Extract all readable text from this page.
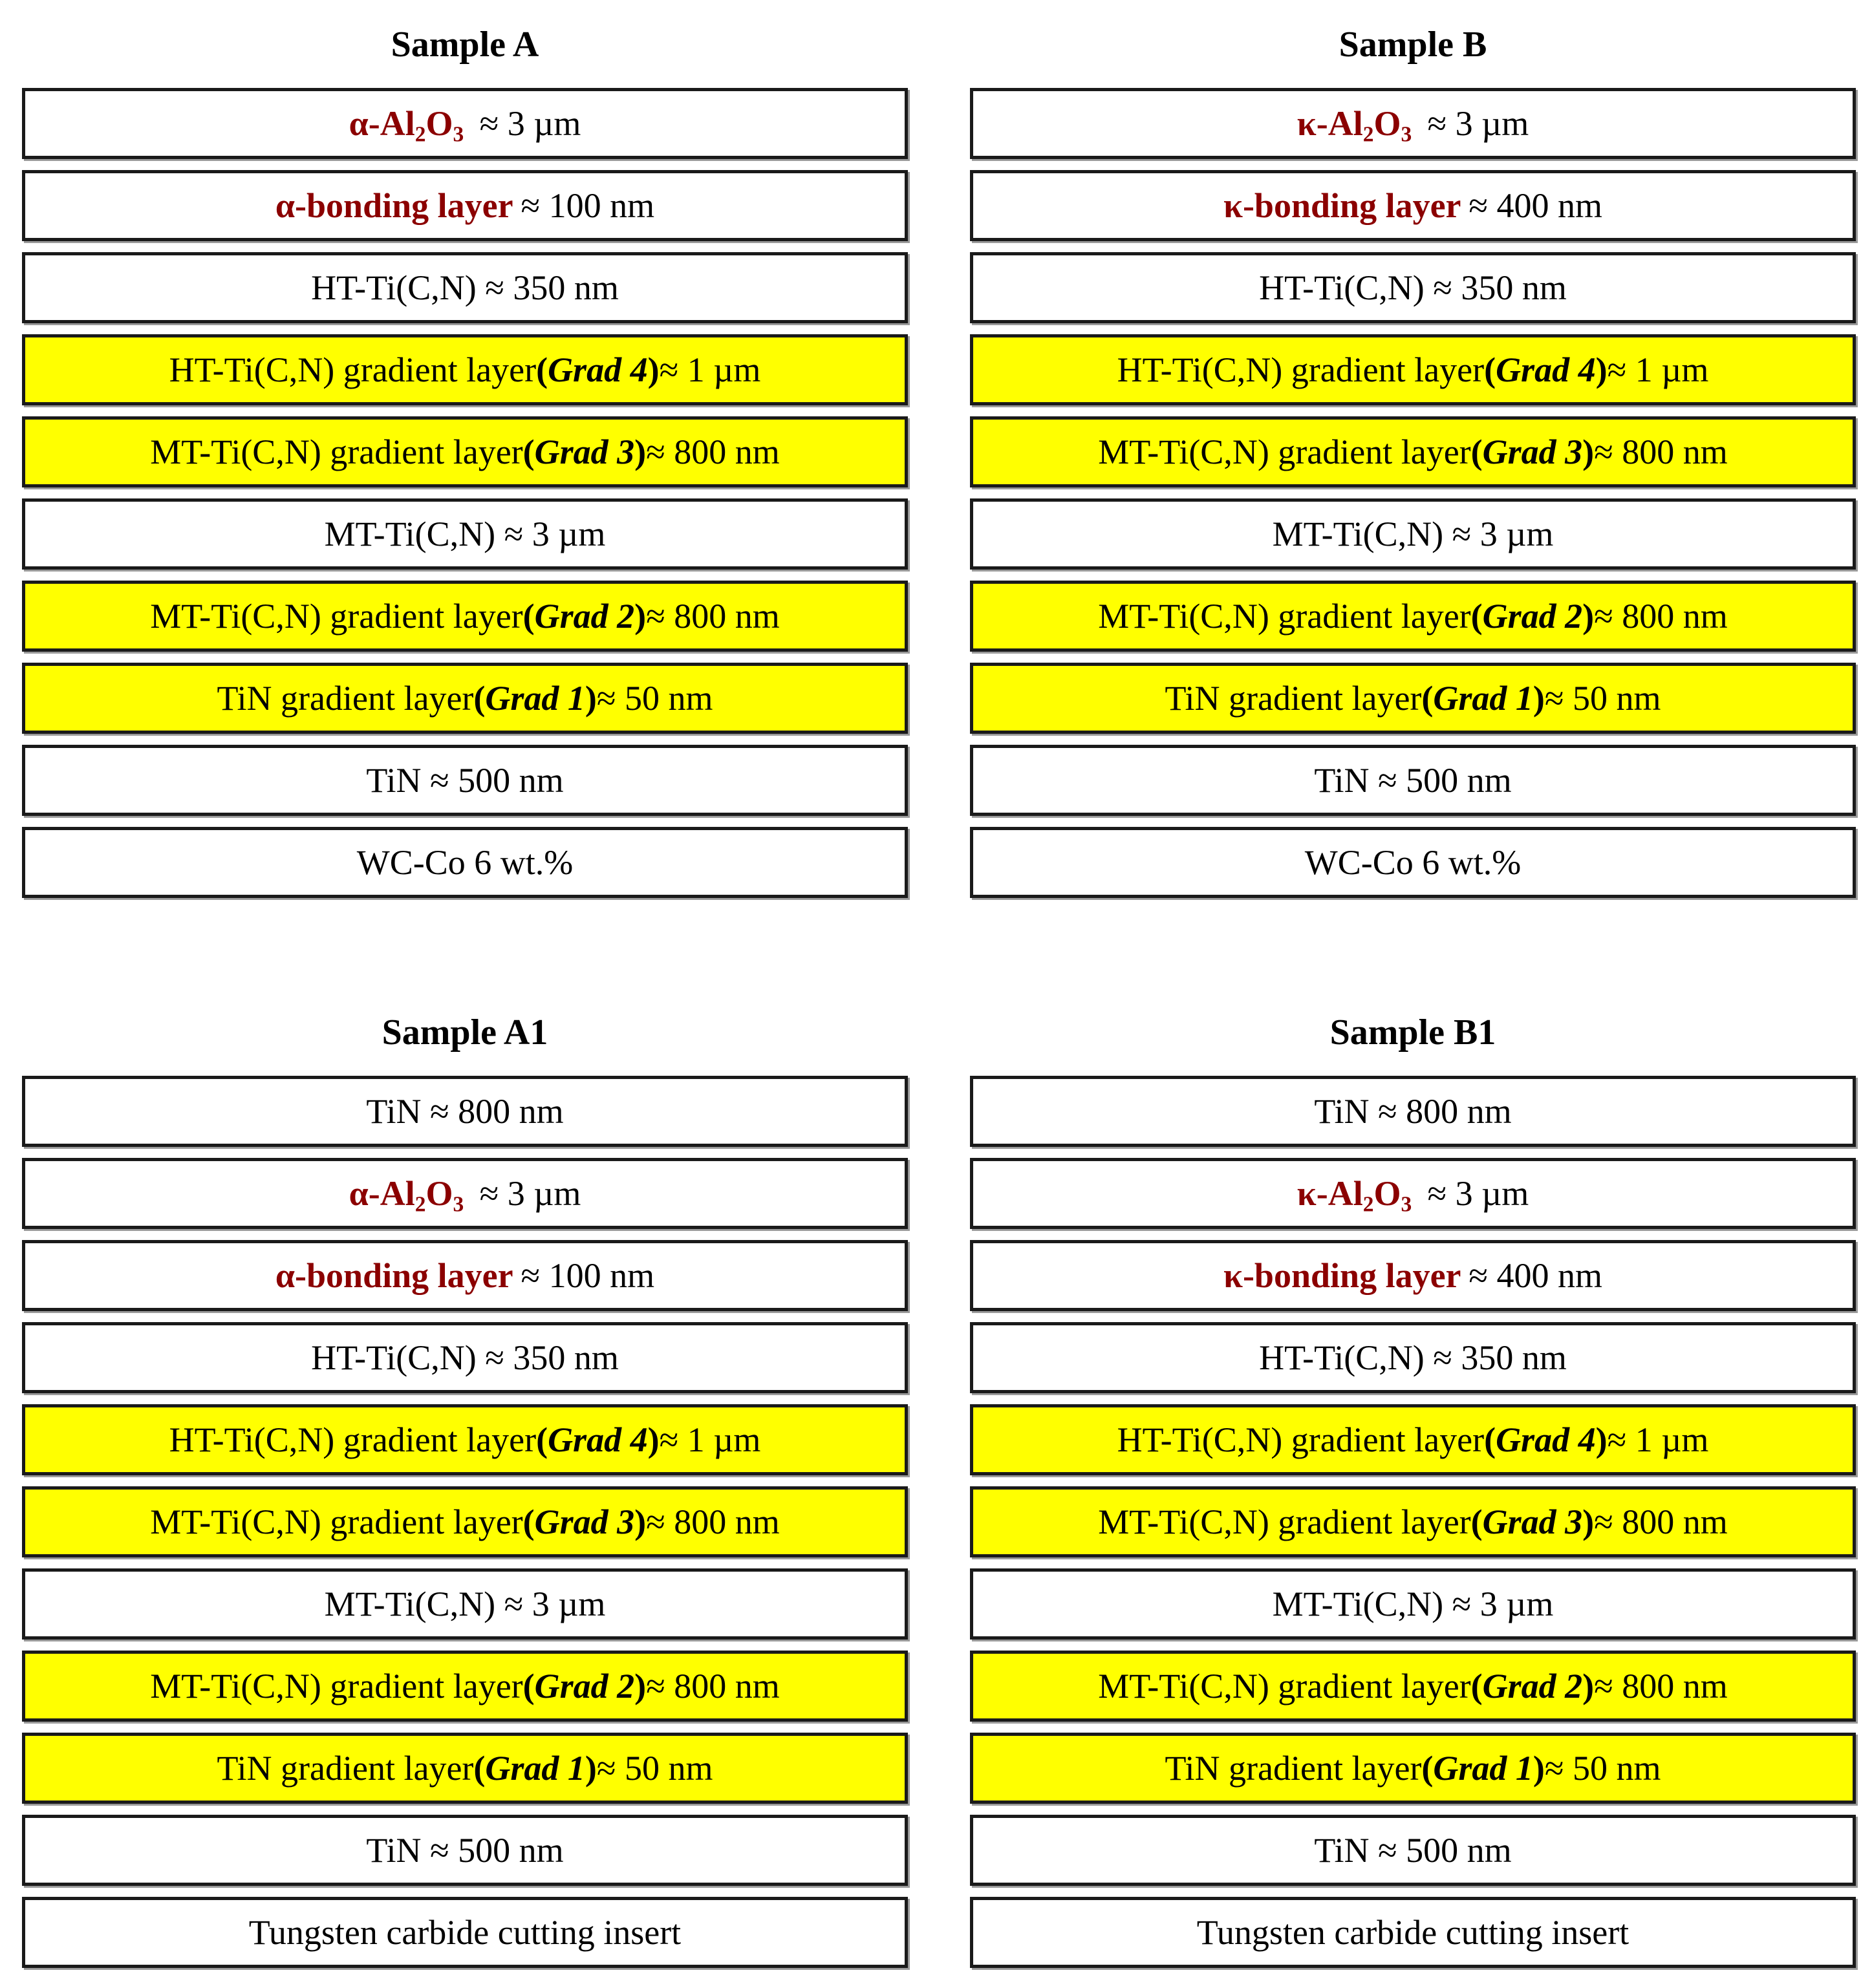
Sample A
$\alpha-Al_2O_3 \approx 3$ µm
α-bonding layer ≈ 100 nm
HT-Ti(C,N) ≈ 350 nm
HT-Ti(C,N) gradient layer (Grad 4) ≈ 1 µm
MT-Ti(C,N) gradient layer (Grad 3) ≈ 800 nm
MT-Ti(C,N) ≈ 3 µm
MT-Ti(C,N) gradient layer (Grad 2) ≈ 800 nm
TiN gradient layer (Grad 1) ≈ 50 nm
TiN ≈ 500 nm
WC-Co 6 wt.%
Sample B
$\kappa-Al_2O_3 \approx 3$ µm
κ-bonding layer ≈ 400 nm
HT-Ti(C,N) ≈ 350 nm
HT-Ti(C,N) gradient layer (Grad 4) ≈ 1 µm
MT-Ti(C,N) gradient layer (Grad 3) ≈ 800 nm
MT-Ti(C,N) ≈ 3 µm
MT-Ti(C,N) gradient layer (Grad 2) ≈ 800 nm
TiN gradient layer (Grad 1) ≈ 50 nm
TiN ≈ 500 nm
WC-Co 6 wt.%
Sample A1
TiN ≈ 800 nm
$\alpha-Al_2O_3 \approx 3$ µm
α-bonding layer ≈ 100 nm
HT-Ti(C,N) ≈ 350 nm
HT-Ti(C,N) gradient layer (Grad 4) ≈ 1 µm
MT-Ti(C,N) gradient layer (Grad 3) ≈ 800 nm
MT-Ti(C,N) ≈ 3 µm
MT-Ti(C,N) gradient layer (Grad 2) ≈ 800 nm
TiN gradient layer (Grad 1) ≈ 50 nm
TiN ≈ 500 nm
Tungsten carbide cutting insert
Sample B1
TiN ≈ 800 nm
$\kappa-Al_2O_3 \approx 3$ µm
κ-bonding layer ≈ 400 nm
HT-Ti(C,N) ≈ 350 nm
HT-Ti(C,N) gradient layer (Grad 4) ≈ 1 µm
MT-Ti(C,N) gradient layer (Grad 3) ≈ 800 nm
MT-Ti(C,N) ≈ 3 µm
MT-Ti(C,N) gradient layer (Grad 2) ≈ 800 nm
TiN gradient layer (Grad 1) ≈ 50 nm
TiN ≈ 500 nm
Tungsten carbide cutting insert
